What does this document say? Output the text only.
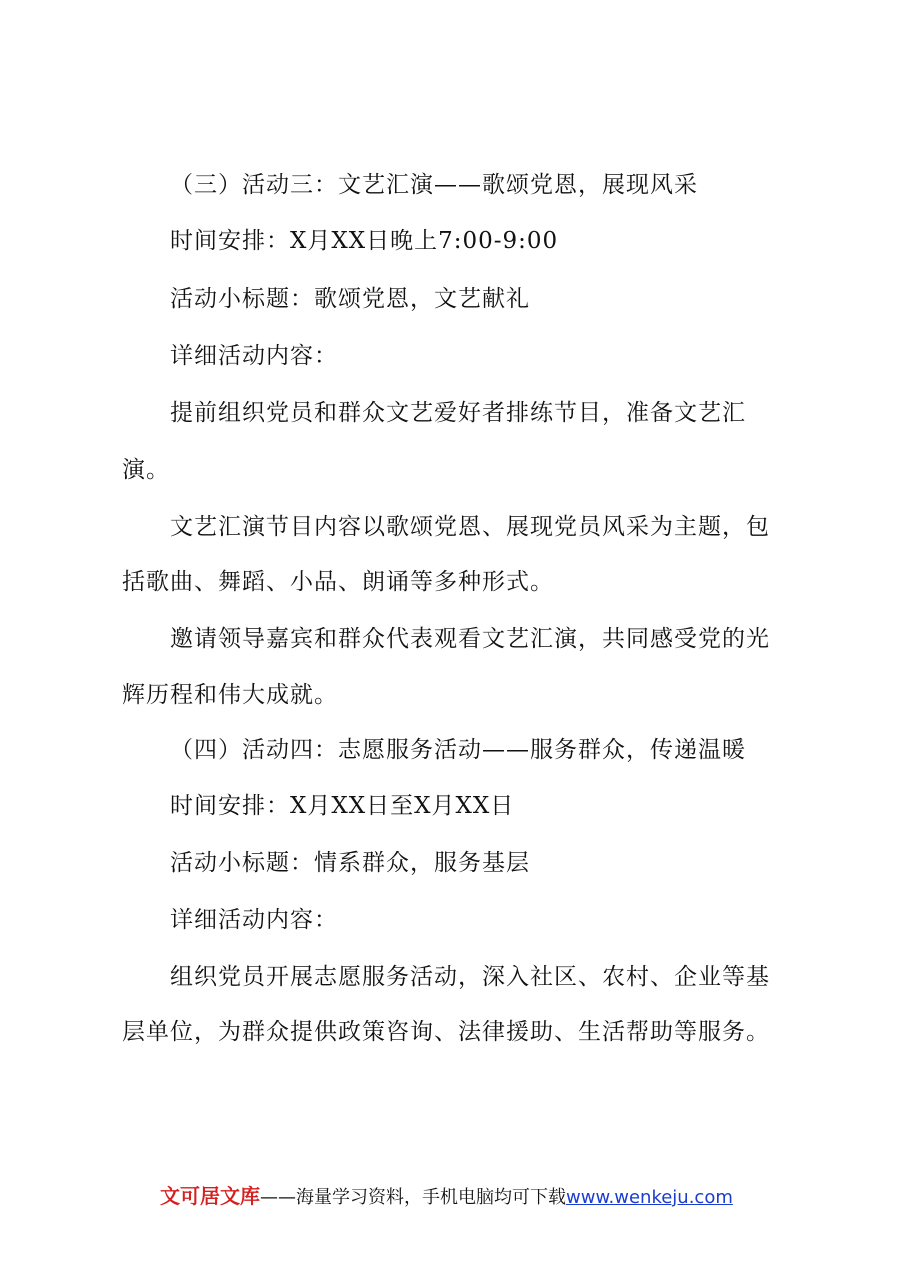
（三）活动三：文艺汇演——歌颂党恩，展现风采
时间安排：X月XX日晚上7:00-9:00
活动小标题：歌颂党恩，文艺献礼
详细活动内容：
提前组织党员和群众文艺爱好者排练节目，准备文艺汇
演。
文艺汇演节目内容以歌颂党恩、展现党员风采为主题，包
括歌曲、舞蹈、小品、朗诵等多种形式。
邀请领导嘉宾和群众代表观看文艺汇演，共同感受党的光
辉历程和伟大成就。
（四）活动四：志愿服务活动——服务群众，传递温暖
时间安排：X月XX日至X月XX日
活动小标题：情系群众，服务基层
详细活动内容：
组织党员开展志愿服务活动，深入社区、农村、企业等基
层单位，为群众提供政策咨询、法律援助、生活帮助等服务。
文可居文库——海量学习资料，手机电脑均可下载www.wenkeju.com
